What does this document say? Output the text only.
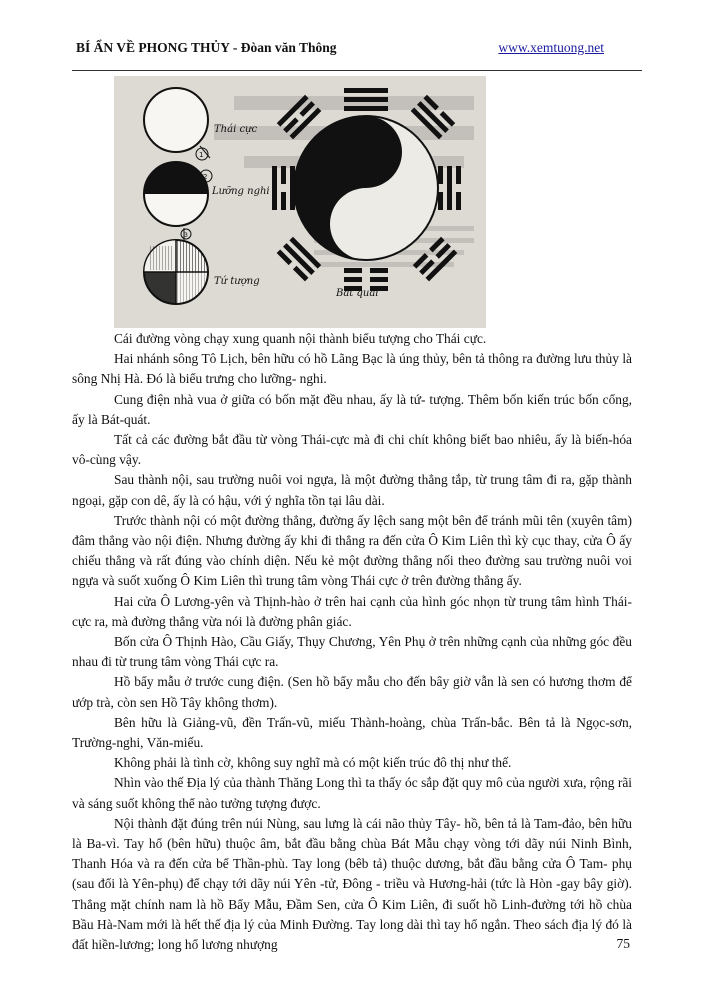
BÍ ẨN VỀ PHONG THỦY - Đòan văn Thông	www.xemtuong.net
Thái cực
Lưỡng nghi
Tứ tượng
Bát quái
1
2
3

Cái đường vòng chạy xung quanh nội thành biểu tượng cho Thái cực.

Hai nhánh sông Tô Lịch, bên hữu có hồ Lãng Bạc là úng thủy, bên tả thông ra đường lưu thủy là sông Nhị Hà. Đó là biểu trưng cho lưỡng- nghi.

Cung điện nhà vua ở giữa có bốn mặt đều nhau, ấy là tứ- tượng. Thêm bốn kiến trúc bốn cổng, ấy là Bát-quát.

Tất cả các đường bắt đầu từ vòng Thái-cực mà đi chi chít không biết bao nhiêu, ấy là biến-hóa vô-cùng vậy.

Sau thành nội, sau trường nuôi voi ngựa, là một đường thẳng tắp, từ trung tâm đi ra, gặp thành ngoại, gặp con dê, ấy là có hậu, với ý nghĩa tồn tại lâu dài.

Trước thành nội có một đường thẳng, đường ấy lệch sang một bên để tránh mũi tên (xuyên tâm) đâm thẳng vào nội điện. Nhưng đường ấy khi đi thẳng ra đến cửa Ô Kim Liên thì kỳ cục thay, cửa Ô ấy chiếu thẳng và rất đúng vào chính diện. Nếu kẻ một đường thẳng nối theo đường sau trường nuôi voi ngựa và suốt xuống Ô Kim Liên thì trung tâm vòng Thái cực ở trên đường thẳng ấy.

Hai cửa Ô Lương-yên và Thịnh-hào ở trên hai cạnh của hình góc nhọn từ trung tâm hình Thái-cực ra, mà đường thẳng vừa nói là đường phân giác.

Bốn cửa Ô Thịnh Hào, Cầu Giấy, Thụy Chương, Yên Phụ ở trên những cạnh của những góc đều nhau đi từ trung tâm vòng Thái cực ra.

Hồ bẩy mẫu ở trước cung điện. (Sen hồ bẩy mẫu cho đến bây giờ vẫn là sen có hương thơm để ướp trà, còn sen Hồ Tây không thơm).

Bên hữu là Giảng-vũ, đền Trấn-vũ, miếu Thành-hoàng, chùa Trấn-bắc. Bên tả là Ngọc-sơn, Trường-nghi, Văn-miếu.

Không phải là tình cờ, không suy nghĩ mà có một kiến trúc đô thị như thế.

Nhìn vào thế Địa lý của thành Thăng Long thì ta thấy óc sắp đặt quy mô của người xưa, rộng rãi và sáng suốt không thể nào tưởng tượng được.

Nội thành đặt đúng trên núi Nùng, sau lưng là cái não thủy Tây- hồ, bên tả là Tam-đảo, bên hữu là Ba-vì. Tay hổ (bên hữu) thuộc âm, bắt đầu bằng chùa Bát Mẫu chạy vòng tới dãy núi Ninh Bình, Thanh Hóa và ra đến cửa bể Thần-phù. Tay long (bêb tả) thuộc dương, bắt đầu bằng cửa Ô Tam- phụ (sau đổi là Yên-phụ) để chạy tới dãy núi Yên -tử, Đông - triều và Hương-hải (tức là Hòn -gay bây giờ). Thẳng mặt chính nam là hồ Bẩy Mẫu, Đầm Sen, cửa Ô Kim Liên, đi suốt hồ Linh-đường tới hồ chùa Bầu Hà-Nam mới là hết thế địa lý của Minh Đường. Tay long dài thì tay hổ ngắn. Theo sách địa lý đó là đất hiền-lương; long hổ lương nhượng	75
